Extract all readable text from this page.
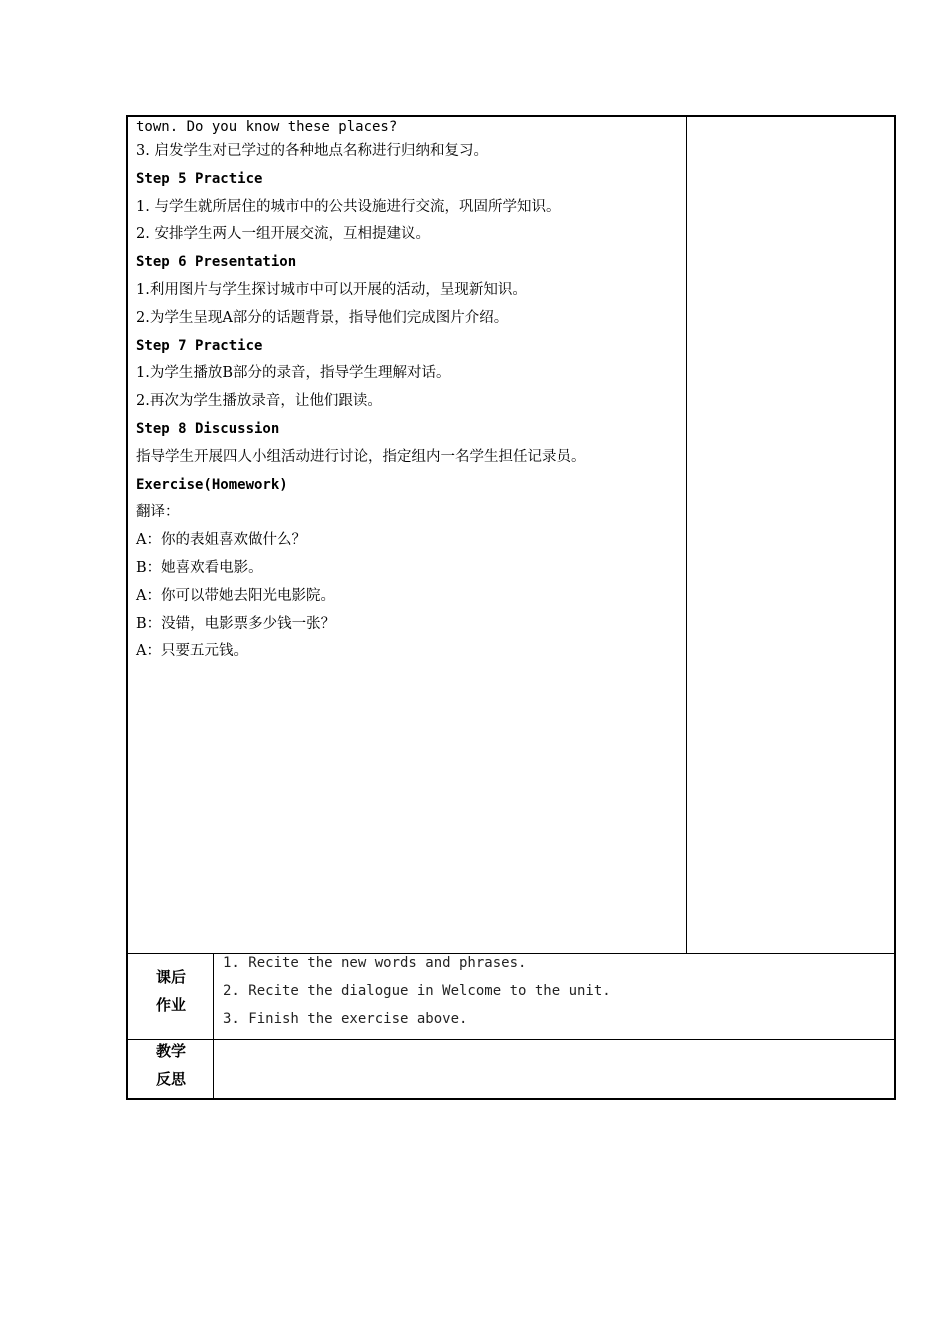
town. Do you know these places?
3. 启发学生对已学过的各种地点名称进行归纳和复习。
Step 5 Practice
1. 与学生就所居住的城市中的公共设施进行交流，巩固所学知识。
2. 安排学生两人一组开展交流，互相提建议。
Step 6 Presentation
1.利用图片与学生探讨城市中可以开展的活动，呈现新知识。
2.为学生呈现A部分的话题背景，指导他们完成图片介绍。
Step 7 Practice
1.为学生播放B部分的录音，指导学生理解对话。
2.再次为学生播放录音，让他们跟读。
Step 8 Discussion
指导学生开展四人小组活动进行讨论，指定组内一名学生担任记录员。
Exercise(Homework)
翻译：
A：你的表姐喜欢做什么？
B：她喜欢看电影。
A：你可以带她去阳光电影院。
B：没错，电影票多少钱一张？
A：只要五元钱。
课后
作业
1. Recite the new words and phrases.
2. Recite the dialogue in Welcome to the unit.
3. Finish the exercise above.
教学
反思
